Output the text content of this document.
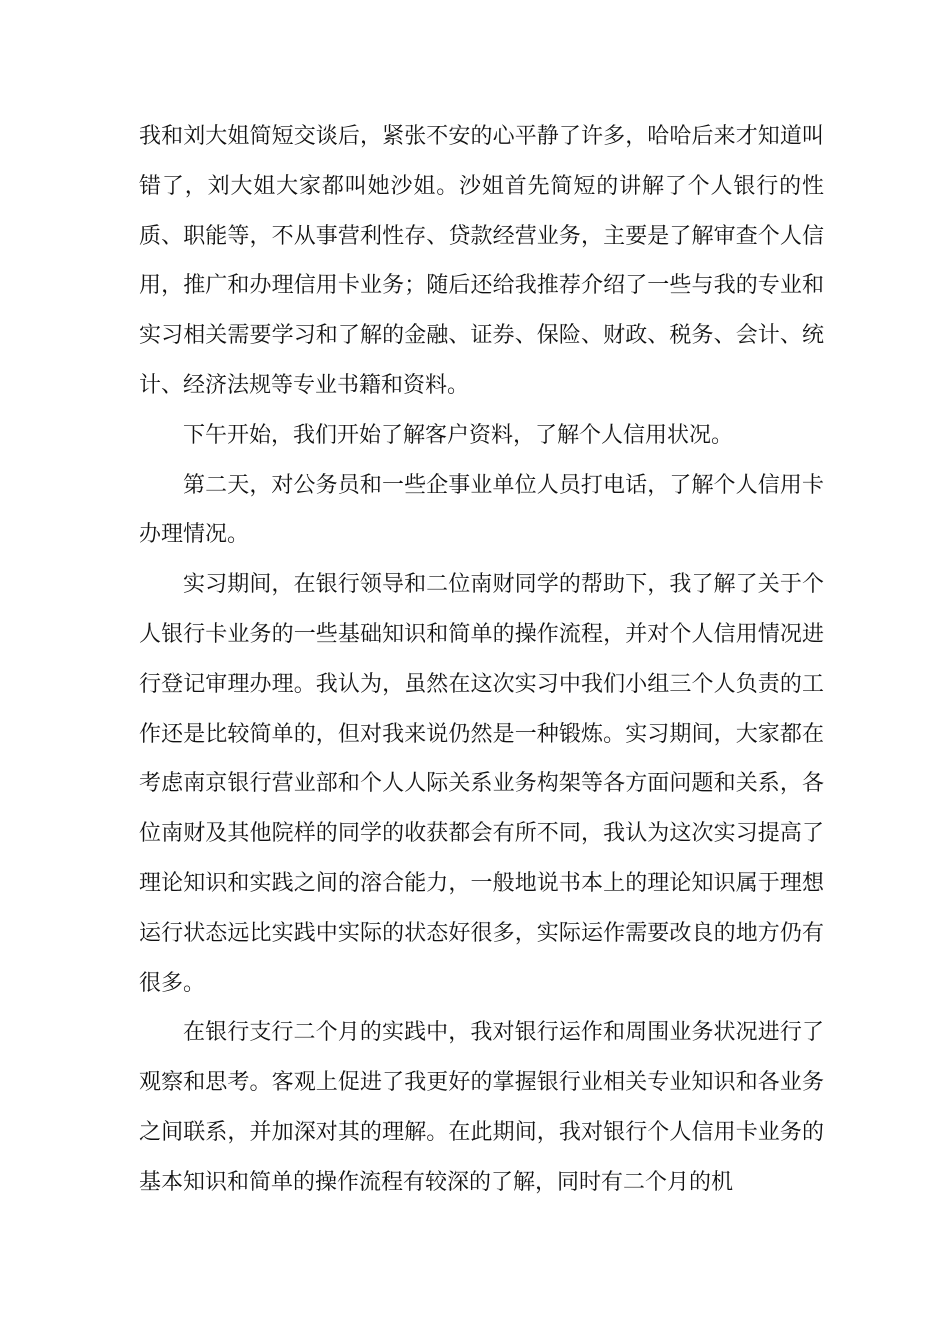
我和刘大姐简短交谈后，紧张不安的心平静了许多，哈哈后来才知道叫错了，刘大姐大家都叫她沙姐。沙姐首先简短的讲解了个人银行的性质、职能等，不从事营利性存、贷款经营业务，主要是了解审查个人信用，推广和办理信用卡业务；随后还给我推荐介绍了一些与我的专业和实习相关需要学习和了解的金融、证券、保险、财政、税务、会计、统计、经济法规等专业书籍和资料。

下午开始，我们开始了解客户资料，了解个人信用状况。

第二天，对公务员和一些企事业单位人员打电话，了解个人信用卡办理情况。

实习期间，在银行领导和二位南财同学的帮助下，我了解了关于个人银行卡业务的一些基础知识和简单的操作流程，并对个人信用情况进行登记审理办理。我认为，虽然在这次实习中我们小组三个人负责的工作还是比较简单的，但对我来说仍然是一种锻炼。实习期间，大家都在考虑南京银行营业部和个人人际关系业务构架等各方面问题和关系，各位南财及其他院样的同学的收获都会有所不同，我认为这次实习提高了理论知识和实践之间的溶合能力，一般地说书本上的理论知识属于理想运行状态远比实践中实际的状态好很多，实际运作需要改良的地方仍有很多。

在银行支行二个月的实践中，我对银行运作和周围业务状况进行了观察和思考。客观上促进了我更好的掌握银行业相关专业知识和各业务之间联系，并加深对其的理解。在此期间，我对银行个人信用卡业务的基本知识和简单的操作流程有较深的了解，同时有二个月的机
